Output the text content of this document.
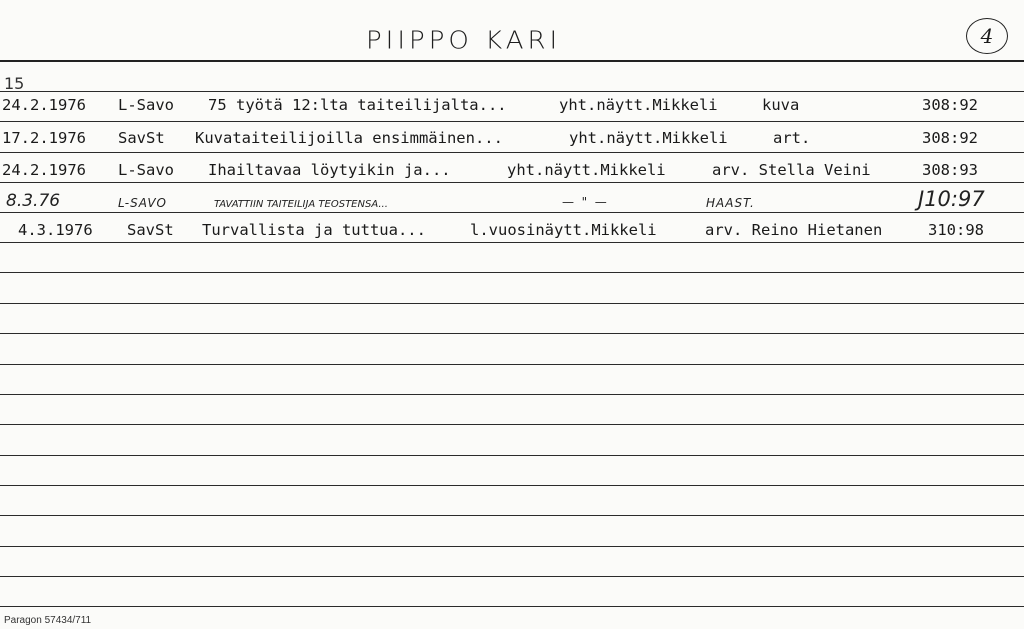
PIIPPO KARI	4
15
24.2.1976 L-Savo 75 työtä 12:lta taiteilijalta...	yht.näytt.Mikkeli	kuva	308:92
17.2.1976 SavSt Kuvataiteilijoilla ensimmäinen...	yht.näytt.Mikkeli	art.	308:92
24.2.1976 L-Savo Ihailtavaa löytyikin ja...	yht.näytt.Mikkeli	arv. Stella Veini	308:93
8.3.76	L-SAVO	TAVATTIIN TAITEILIJA TEOSTENSA...	—  "  —	HAAST.	J10:97
4.3.1976 SavSt Turvallista ja tuttua...	l.vuosinäytt.Mikkeli	arv. Reino Hietanen	310:98
Paragon 57434/711
